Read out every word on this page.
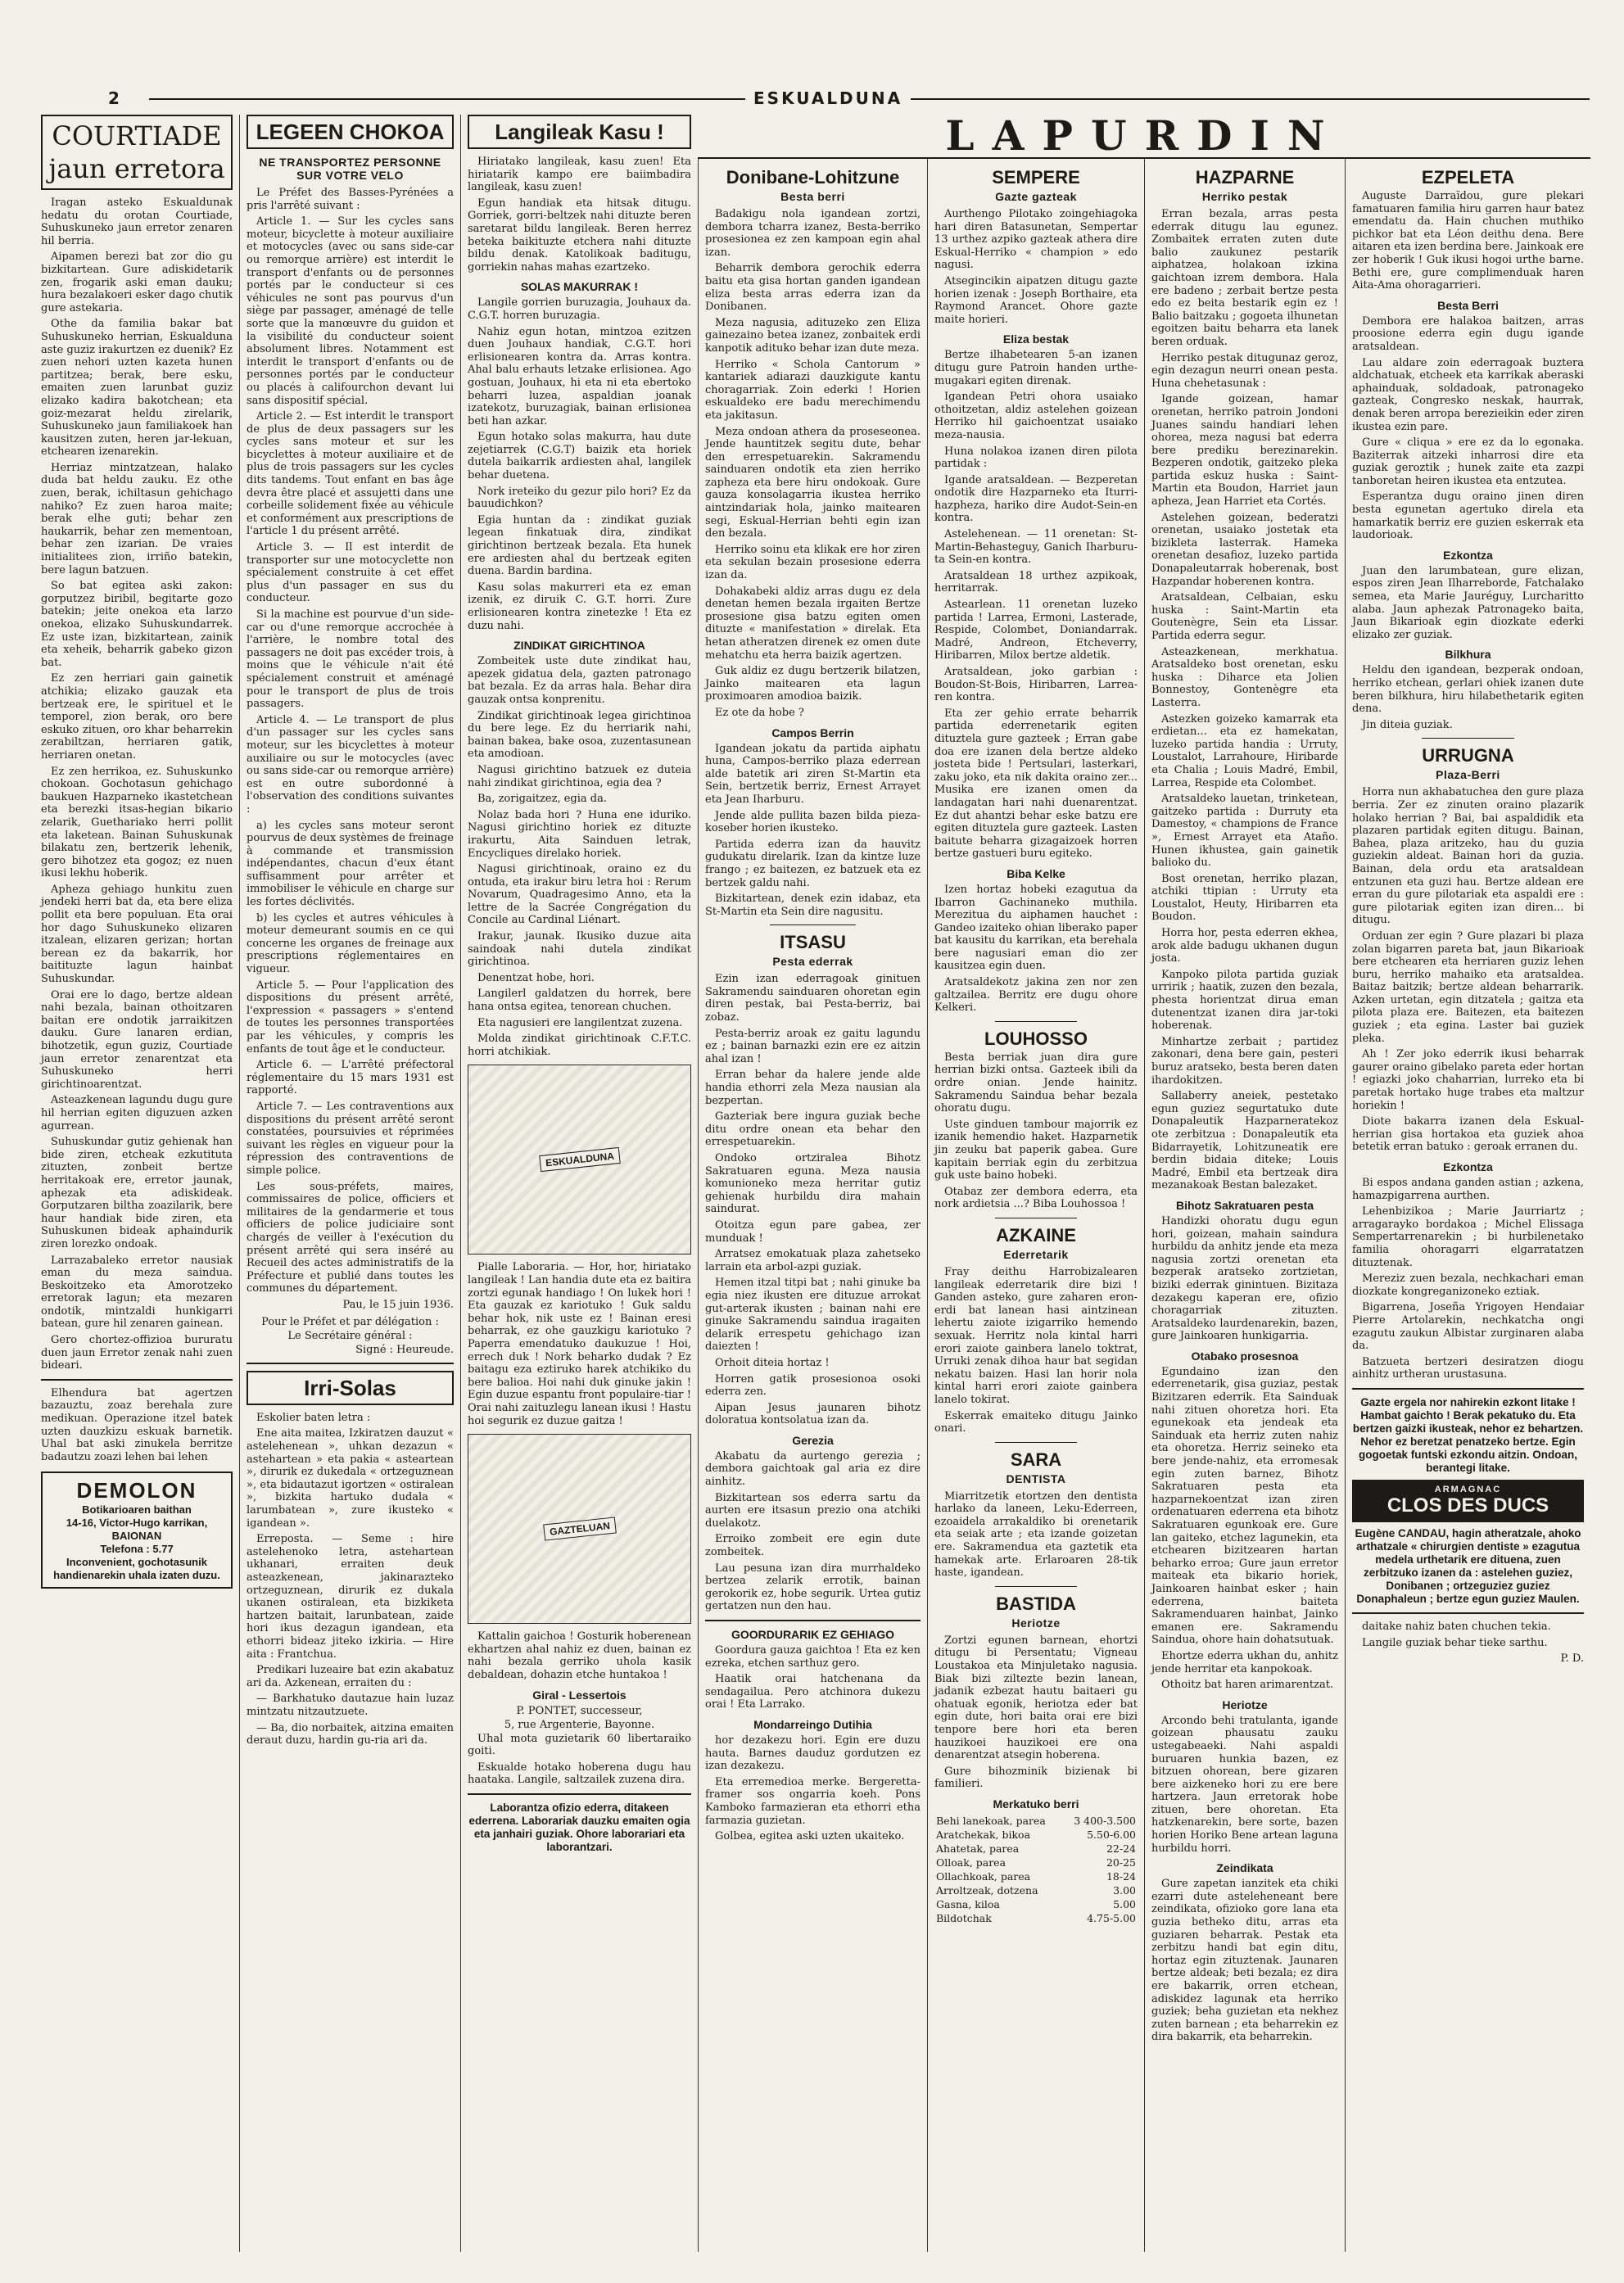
2	ESKUALDUNA
LAPURDIN
COURTIADE
jaun erretora

Iragan asteko Eskualdunak hedatu du orotan Courtiade, Suhuskuneko jaun erretor zenaren hil berria.

Aipamen berezi bat zor dio gu bizkitartean. Gure adiskidetarik zen, frogarik aski eman dauku; hura bezalakoeri esker dago chutik gure astekaria.

Othe da familia bakar bat Suhuskuneko herrian, Eskualduna aste guziz irakurtzen ez duenik? Ez zuen nehori uzten kazeta hunen partitzea; berak, bere esku, emaiten zuen larunbat guziz elizako kadira bakotchean; eta goiz-mezarat heldu zirelarik, Suhuskuneko jaun familiakoek han kausitzen zuten, heren jar-lekuan, etchearen izenarekin.

Herriaz mintzatzean, halako duda bat heldu zauku. Ez othe zuen, berak, ichiltasun gehichago nahiko? Ez zuen haroa maite; berak elhe guti; behar zen haukarrik, behar zen mementoan, behar zen izarian. De vraies initialitees zion, irriño batekin, bere lagun batzuen.

So bat egitea aski zakon: gorputzez biribil, begitarte gozo batekin; jeite onekoa eta larzo onekoa, elizako Suhuskundarrek. Ez uste izan, bizkitartean, zainik eta xeheik, beharrik gabeko gizon bat.

Ez zen herriari gain gainetik atchikia; elizako gauzak eta bertzeak ere, le spirituel et le temporel, zion berak, oro bere eskuko zituen, oro khar beharrekin zerabiltzan, herriaren gatik, herriaren onetan.

Ez zen herrikoa, ez. Suhuskunko chokoan. Gochotasun gehichago baukuen Hazparneko ikastetchean eta berezki itsas-hegian bikario zelarik, Guethariako herri pollit eta laketean. Bainan Suhuskunak bilakatu zen, bertzerik lehenik, gero bihotzez eta gogoz; ez nuen ikusi lekhu hoberik.

Apheza gehiago hunkitu zuen jendeki herri bat da, eta bere eliza pollit eta bere populuan. Eta orai hor dago Suhuskuneko elizaren itzalean, elizaren gerizan; hortan berean ez da bakarrik, hor baitituzte lagun hainbat Suhuskundar.

Orai ere lo dago, bertze aldean nahi bezala, bainan othoitzaren baitan ere ondotik jarraikitzen dauku. Gure lanaren erdian, bihotzetik, egun guziz, Courtiade jaun erretor zenarentzat eta Suhuskuneko herri girichtinoarentzat.

Asteazkenean lagundu dugu gure hil herrian egiten diguzuen azken agurrean.

Suhuskundar gutiz gehienak han bide ziren, etcheak ezkutituta zituzten, zonbeit bertze herritakoak ere, erretor jaunak, aphezak eta adiskideak. Gorputzaren biltha zoazilarik, bere haur handiak bide ziren, eta Suhuskunen bideak aphaindurik ziren lorezko ondoak.

Larrazabaleko erretor nausiak eman du meza saindua. Beskoitzeko eta Amorotzeko erretorak lagun; eta mezaren ondotik, mintzaldi hunkigarri batean, gure hil zenaren gainean.

Gero chortez-offizioa bururatu duen jaun Erretor zenak nahi zuen bideari.

Elhendura bat agertzen bazauztu, zoaz berehala zure medikuan. Operazione itzel batek uzten dauzkizu eskuak barnetik. Uhal bat aski zinukela berritze badautzu zoazi lehen bai lehen

DEMOLON
Botikarioaren baithan
14-16, Victor-Hugo karrikan, BAIONAN
Telefona : 5.77
Inconvenient, gochotasunik handienarekin uhala izaten duzu.
LEGEEN CHOKOA
NE TRANSPORTEZ PERSONNE SUR VOTRE VELO

Le Préfet des Basses-Pyrénées a pris l'arrêté suivant :

Article 1. — Sur les cycles sans moteur, bicyclette à moteur auxiliaire et motocycles (avec ou sans side-car ou remorque arrière) est interdit le transport d'enfants ou de personnes portés par le conducteur si ces véhicules ne sont pas pourvus d'un siège par passager, aménagé de telle sorte que la manœuvre du guidon et la visibilité du conducteur soient absolument libres. Notamment est interdit le transport d'enfants ou de personnes portés par le conducteur ou placés à califourchon devant lui sans dispositif spécial.

Article 2. — Est interdit le transport de plus de deux passagers sur les cycles sans moteur et sur les bicyclettes à moteur auxiliaire et de plus de trois passagers sur les cycles dits tandems. Tout enfant en bas âge devra être placé et assujetti dans une corbeille solidement fixée au véhicule et conformément aux prescriptions de l'article 1 du présent arrêté.

Article 3. — Il est interdit de transporter sur une motocyclette non spécialement construite à cet effet plus d'un passager en sus du conducteur.

Si la machine est pourvue d'un side-car ou d'une remorque accrochée à l'arrière, le nombre total des passagers ne doit pas excéder trois, à moins que le véhicule n'ait été spécialement construit et aménagé pour le transport de plus de trois passagers.

Article 4. — Le transport de plus d'un passager sur les cycles sans moteur, sur les bicyclettes à moteur auxiliaire ou sur le motocycles (avec ou sans side-car ou remorque arrière) est en outre subordonné à l'observation des conditions suivantes :

a) les cycles sans moteur seront pourvus de deux systèmes de freinage à commande et transmission indépendantes, chacun d'eux étant suffisamment pour arrêter et immobiliser le véhicule en charge sur les fortes déclivités.

b) les cycles et autres véhicules à moteur demeurant soumis en ce qui concerne les organes de freinage aux prescriptions réglementaires en vigueur.

Article 5. — Pour l'application des dispositions du présent arrêté, l'expression « passagers » s'entend de toutes les personnes transportées par les véhicules, y compris les enfants de tout âge et le conducteur.

Article 6. — L'arrêté préfectoral réglementaire du 15 mars 1931 est rapporté.

Article 7. — Les contraventions aux dispositions du présent arrêté seront constatées, poursuivies et réprimées suivant les règles en vigueur pour la répression des contraventions de simple police.

Les sous-préfets, maires, commissaires de police, officiers et militaires de la gendarmerie et tous officiers de police judiciaire sont chargés de veiller à l'exécution du présent arrêté qui sera inséré au Recueil des actes administratifs de la Préfecture et publié dans toutes les communes du département.

Pau, le 15 juin 1936.
Pour le Préfet et par délégation :
Le Secrétaire général :
Signé : Heureude.
Irri-Solas

Eskolier baten letra :

Ene aita maitea, Izkiratzen dauzut « astelehenean », uhkan dezazun « astehartean » eta pakia « asteartean », dirurik ez dukedala « ortzeguznean », eta bidautazut igortzen « ostiralean », bizkita hartuko dudala « larumbatean », zure ikusteko « igandean ».

Erreposta. — Seme : hire astelehenoko letra, astehartean ukhanari, erraiten deuk asteazkenean, jakinarazteko ortzeguznean, dirurik ez dukala ukanen ostiralean, eta bizkiketa hartzen baitait, larunbatean, zaide hori ikus dezagun igandean, eta ethorri bideaz jiteko izkiria. — Hire aita : Frantchua.

Predikari luzeaire bat ezin akabatuz ari da. Azkenean, erraiten du :

— Barkhatuko dautazue hain luzaz mintzatu nitzautzuete.

— Ba, dio norbaitek, aitzina emaiten deraut duzu, hardin gu-ria ari da.

Langileak Kasu !

Hiriatako langileak, kasu zuen! Eta hiriatarik kampo ere baiimbadira langileak, kasu zuen!

Egun handiak eta hitsak ditugu. Gorriek, gorri-beltzek nahi dituzte beren saretarat bildu langileak. Beren herrez beteka baikituzte etchera nahi dituzte bildu denak. Katolikoak baditugu, gorriekin nahas mahas ezartzeko.

SOLAS MAKURRAK !

Langile gorrien buruzagia, Jouhaux da. C.G.T. horren buruzagia.

Nahiz egun hotan, mintzoa ezitzen duen Jouhaux handiak, C.G.T. hori erlisionearen kontra da. Arras kontra. Ahal balu erhauts letzake erlisionea. Ago gostuan, Jouhaux, hi eta ni eta ebertoko beharri luzea, aspaldian joanak izatekotz, buruzagiak, bainan erlisionea beti han azkar.

Egun hotako solas makurra, hau dute zejetiarrek (C.G.T) baizik eta horiek dutela baikarrik ardiesten ahal, langilek behar duetena.

Nork ireteiko du gezur pilo hori? Ez da bauudichkon?

Egia huntan da : zindikat guziak legean finkatuak dira, zindikat girichtinon bertzeak bezala. Eta hunek ere ardiesten ahal du bertzeak egiten duena. Bardin bardina.

Kasu solas makurreri eta ez eman izenik, ez diruik C. G.T. horri. Zure erlisionearen kontra zinetezke ! Eta ez duzu nahi.

ZINDIKAT GIRICHTINOA

Zombeitek uste dute zindikat hau, apezek gidatua dela, gazten patronago bat bezala. Ez da arras hala. Behar dira gauzak ontsa konprenitu.

Zindikat girichtinoak legea girichtinoa du bere lege. Ez du herriarik nahi, bainan bakea, bake osoa, zuzentasunean eta amodioan.

Nagusi girichtino batzuek ez duteia nahi zindikat girichtinoa, egia dea ?

Ba, zorigaitzez, egia da.

Nolaz bada hori ? Huna ene iduriko. Nagusi girichtino horiek ez dituzte irakurtu, Aita Sainduen letrak, Encycliques direlako horiek.

Nagusi girichtinoak, oraino ez du ontuda, eta irakur biru letra hoi : Rerum Novarum, Quadragesimo Anno, eta la lettre de la Sacrée Congrégation du Concile au Cardinal Liénart.

Irakur, jaunak. Ikusiko duzue aita saindoak nahi dutela zindikat girichtinoa.

Denentzat hobe, hori.

Langilerl galdatzen du horrek, bere hana ontsa egitea, tenorean chuchen.

Eta nagusieri ere langilentzat zuzena.

Molda zindikat girichtinoak C.F.T.C. horri atchikiak.

ESKUALDUNA

Pialle Laboraria. — Hor, hor, hiriatako langileak ! Lan handia dute eta ez baitira zortzi egunak handiago ! On lukek hori ! Eta gauzak ez kariotuko ! Guk saldu behar hok, nik uste ez ! Bainan eresi beharrak, ez ohe gauzkigu kariotuko ? Paperra emendatuko daukuzue ! Hoi, errech duk ! Nork beharko dudak ? Ez baitagu eza eztiruko harek atchikiko du bere balioa. Hoi nahi duk ginuke jakin ! Egin duzue espantu front populaire-tiar ! Orai nahi zaituzlegu lanean ikusi ! Hastu hoi segurik ez duzue gaitza !

GAZTELUAN

Kattalin gaichoa ! Gosturik hoberenean ekhartzen ahal nahiz ez duen, bainan ez nahi bezala gerriko uhola kasik debaldean, dohazin etche huntakoa !

Giral - Lessertois
P. PONTET, successeur,
5, rue Argenterie, Bayonne.

Uhal mota guzietarik 60 libertaraiko goiti.

Eskualde hotako hoberena dugu hau haataka. Langile, saltzailek zuzena dira.

Laborantza ofizio ederra, ditakeen ederrena. Laborariak dauzku emaiten ogia eta janhairi guziak. Ohore laborariari eta laborantzari.
Donibane-Lohitzune
Besta berri

Badakigu nola igandean zortzi, dembora tcharra izanez, Besta-berriko prosesionea ez zen kampoan egin ahal izan.

Beharrik dembora gerochik ederra baitu eta gisa hortan ganden igandean eliza besta arras ederra izan da Donibanen.

Meza nagusia, adituzeko zen Eliza gainezaino betea izanez, zonbaitek erdi kanpotik adituko behar izan dute meza.

Herriko « Schola Cantorum » kantariek adiarazi dauzkigute kantu choragarriak. Zoin ederki ! Horien eskualdeko ere badu merechimendu eta jakitasun.

Meza ondoan athera da proseseonea. Jende hauntitzek segitu dute, behar den errespetuarekin. Sakramendu sainduaren ondotik eta zien herriko zapheza eta bere hiru ondokoak. Gure gauza konsolagarria ikustea herriko aintzindariak hola, jainko maitearen segi, Eskual-Herrian behti egin izan den bezala.

Herriko soinu eta klikak ere hor ziren eta sekulan bezain prosesione ederra izan da.

Dohakabeki aldiz arras dugu ez dela denetan hemen bezala irgaiten Bertze prosesione gisa batzu egiten omen dituzte « manifestation » direlak. Eta hetan atheratzen direnek ez omen dute mehatchu eta herra baizik agertzen.

Guk aldiz ez dugu bertzerik bilatzen, Jainko maitearen eta lagun proximoaren amodioa baizik.

Ez ote da hobe ?

Campos Berrin

Igandean jokatu da partida aiphatu huna, Campos-berriko plaza ederrean alde batetik ari ziren St-Martin eta Sein, bertzetik berriz, Ernest Arrayet eta Jean Iharburu.

Jende alde pullita bazen bilda pieza-koseber horien ikusteko.

Partida ederra izan da hauvitz gudukatu direlarik. Izan da kintze luze frango ; ez baitezen, ez batzuek eta ez bertzek galdu nahi.

Bizkitartean, denek ezin idabaz, eta St-Martin eta Sein dire nagusitu.

ITSASU
Pesta ederrak

Ezin izan ederragoak ginituen Sakramendu sainduaren ohoretan egin diren pestak, bai Pesta-berriz, bai zobaz.

Pesta-berriz aroak ez gaitu lagundu ez ; bainan barnazki ezin ere ez aitzin ahal izan !

Erran behar da halere jende alde handia ethorri zela Meza nausian ala bezpertan.

Gazteriak bere ingura guziak beche ditu ordre onean eta behar den errespetuarekin.

Ondoko ortziralea Bihotz Sakratuaren eguna. Meza nausia komunioneko meza herritar gutiz gehienak hurbildu dira mahain saindurat.

Otoitza egun pare gabea, zer munduak !

Arratsez emokatuak plaza zahetseko larrain eta arbol-azpi guziak.

Hemen itzal titpi bat ; nahi ginuke ba egia niez ikusten ere dituzue arrokat gut-arterak ikusten ; bainan nahi ere ginuke Sakramendu saindua iragaiten delarik errespetu gehichago izan daiezten !

Orhoit diteia hortaz !

Horren gatik prosesionoa osoki ederra zen.

Aipan Jesus jaunaren bihotz doloratua kontsolatua izan da.

Gerezia

Akabatu da aurtengo gerezia ; dembora gaichtoak gal aria ez dire ainhitz.

Bizkitartean sos ederra sartu da aurten ere itsasun prezio ona atchiki duelakotz.

Erroiko zombeit ere egin dute zombeitek.

Lau pesuna izan dira murrhaldeko bertzea zelarik errotik, bainan gerokorik ez, hobe segurik. Urtea gutiz gertatzen nun den hau.

GOORDURARIK EZ GEHIAGO

Goordura gauza gaichtoa ! Eta ez ken ezreka, etchen sarthuz gero.

Haatik orai hatchenana da sendagailua. Pero atchinora dukezu orai ! Eta Larrako.

Mondarreingo Dutihia

hor dezakezu hori. Egin ere duzu hauta. Barnes dauduz gordutzen ez izan dezakezu.

Eta erremedioa merke. Bergeretta-framer sos ongarria koeh. Pons Kamboko farmazieran eta ethorri etha farmazia guzietan.

Golbea, egitea aski uzten ukaiteko.

SEMPERE
Gazte gazteak

Aurthengo Pilotako zoingehiagoka hari diren Batasunetan, Sempertar 13 urthez azpiko gazteak athera dire Eskual-Herriko « champion » edo nagusi.

Atsegincikin aipatzen ditugu gazte horien izenak : Joseph Borthaire, eta Raymond Arancet. Ohore gazte maite horieri.

Eliza bestak

Bertze ilhabetearen 5-an izanen ditugu gure Patroin handen urthe-mugakari egiten direnak.

Igandean Petri ohora usaiako othoitzetan, aldiz astelehen goizean Herriko hil gaichoentzat usaiako meza-nausia.

Huna nolakoa izanen diren pilota partidak :

Igande aratsaldean. — Bezperetan ondotik dire Hazparneko eta Iturri-hazpheza, hariko dire Audot-Sein-en kontra.

Astelehenean. — 11 orenetan: St-Martin-Behasteguy, Ganich Iharburu-ta Sein-en kontra.

Aratsaldean 18 urthez azpikoak, herritarrak.

Astearlean. 11 orenetan luzeko partida ! Larrea, Ermoni, Lasterade, Respide, Colombet, Doniandarrak. Madré, Andreon, Etcheverry, Hiribarren, Milox bertze aldetik.

Aratsaldean, joko garbian : Boudon-St-Bois, Hiribarren, Larrea-ren kontra.

Eta zer gehio errate beharrik partida ederrenetarik egiten dituztela gure gazteek ; Erran gabe doa ere izanen dela bertze aldeko josteta bide ! Pertsulari, lasterkari, zaku joko, eta nik dakita oraino zer... Musika ere izanen omen da landagatan hari nahi duenarentzat. Ez dut ahantzi behar eske batzu ere egiten dituztela gure gazteek. Lasten baitute beharra gizagaizoek horren bertze gastueri buru egiteko.

Biba Kelke

Izen hortaz hobeki ezagutua da Ibarron Gachinaneko muthila. Merezitua du aiphamen hauchet : Gandeo izaiteko ohian liberako paper bat kausitu du karrikan, eta berehala bere nagusiari eman dio zer kausitzea egin duen.

Aratsaldekotz jakina zen nor zen galtzailea. Berritz ere dugu ohore Kelkeri.

LOUHOSSO

Besta berriak juan dira gure herrian bizki ontsa. Gazteek ibili da ordre onian. Jende hainitz. Sakramendu Saindua behar bezala ohoratu dugu.

Uste ginduen tambour majorrik ez izanik hemendio haket. Hazparnetik jin zeuku bat paperik gabea. Gure kapitain berriak egin du zerbitzua guk uste baino hobeki.

Otabaz zer dembora ederra, eta nork ardietsia ...? Biba Louhossoa !

AZKAINE
Ederretarik

Fray deithu Harrobizalearen langileak ederretarik dire bizi ! Ganden asteko, gure zaharen eron-erdi bat lanean hasi aintzinean lehertu zaiote izigarriko hemendo sexuak. Herritz nola kintal harri erori zaiote gainbera lanelo toktrat, Urruki zenak dihoa haur bat segidan nekatu baizen. Hasi lan horir nola kintal harri erori zaiote gainbera lanelo tokirat.

Eskerrak emaiteko ditugu Jainko onari.

SARA
DENTISTA

Miarritzetik etortzen den dentista harlako da laneen, Leku-Ederreen, ezoaidela arrakaldiko bi orenetarik eta seiak arte ; eta izande goizetan ere. Sakramendua eta gaztetik eta hamekak arte. Erlaroaren 28-tik haste, igandean.

BASTIDA
Heriotze

Zortzi egunen barnean, ehortzi ditugu bi Persentatu; Vigneau Loustakoa eta Minjuletako nagusia. Biak bizi ziltezte bezin lanean, jadanik ezbezat hautu baitaeri gu ohatuak egonik, heriotza eder bat egin dute, hori baita orai ere bizi tenpore bere hori eta beren hauzikoei hauzikoei ere ona denarentzat atsegin hoberena.

Gure bihozminik bizienak bi familieri.

Merkatuko berri
Behi lanekoak, parea	3 400-3.500
Aratchekak, bikoa	5.50-6.00
Ahatetak, parea	22-24
Olloak, parea	20-25
Ollachkoak, parea	18-24
Arroltzeak, dotzena	3.00
Gasna, kiloa	5.00
Bildotchak	4.75-5.00
HAZPARNE
Herriko pestak

Erran bezala, arras pesta ederrak ditugu lau egunez. Zombaitek erraten zuten dute balio zaukunez pestarik aiphatzea, holakoan izkina gaichtoan izrem dembora. Hala ere badeno ; zerbait bertze pesta edo ez beita bestarik egin ez ! Balio baitzaku ; gogoeta ilhunetan egoitzen baitu beharra eta lanek beren orduak.

Herriko pestak ditugunaz geroz, egin dezagun neurri onean pesta. Huna chehetasunak :

Igande goizean, hamar orenetan, herriko patroin Jondoni Juanes saindu handiari lehen ohorea, meza nagusi bat ederra bere prediku berezinarekin. Bezperen ondotik, gaitzeko pleka partida eskuz huska : Saint-Martin eta Boudon, Harriet jaun apheza, Jean Harriet eta Cortés.

Astelehen goizean, bederatzi orenetan, usaiako jostetak eta bizikleta lasterrak. Hameka orenetan desafioz, luzeko partida Donapaleutarrak hoberenak, bost Hazpandar hoberenen kontra.

Aratsaldean, Celbaian, esku huska : Saint-Martin eta Goutenègre, Sein eta Lissar. Partida ederra segur.

Asteazkenean, merkhatua. Aratsaldeko bost orenetan, esku huska : Diharce eta Jolien Bonnestoy, Gontenègre eta Lasterra.

Astezken goizeko kamarrak eta erdietan... eta ez hamekatan, luzeko partida handia : Urruty, Loustalot, Larrahoure, Hiribarde eta Chalia ; Louis Madré, Embil, Larrea, Respide eta Colombet.

Aratsaldeko lauetan, trinketean, gaitzeko partida : Durruty eta Damestoy, « champions de France », Ernest Arrayet eta Ataño. Hunen ikhustea, gain gainetik balioko du.

Bost orenetan, herriko plazan, atchiki ttipian : Urruty eta Loustalot, Heuty, Hiribarren eta Boudon.

Horra hor, pesta ederren ekhea, arok alde badugu ukhanen dugun josta.

Kanpoko pilota partida guziak urririk ; haatik, zuzen den bezala, phesta horientzat dirua eman dutenentzat izanen dira jar-toki hoberenak.

Minhartze zerbait ; partidez zakonari, dena bere gain, pesteri buruz aratseko, besta beren daten ihardokitzen.

Sallaberry aneiek, pestetako egun guziez segurtatuko dute Donapaleutik Hazparneratekoz ote zerbitzua : Donapaleutik eta Bidarrayetik, Lohitzuneatik ere berdin bidaia diteke; Louis Madré, Embil eta bertzeak dira mezanakoak Bestan balezaket.

Bihotz Sakratuaren pesta

Handizki ohoratu dugu egun hori, goizean, mahain saindura hurbildu da anhitz jende eta meza nagusia zortzi orenetan eta bezperak aratseko zortzietan, biziki ederrak ginintuen. Bizitaza dezakegu kaperan ere, ofizio choragarriak zituzten. Aratsaldeko laurdenarekin, bazen, gure Jainkoaren hunkigarria.

Otabako prosesnoa

Egundaino izan den ederrenetarik, gisa guziaz, pestak Bizitzaren ederrik. Eta Sainduak nahi zituen ohoretza hori. Eta egunekoak eta jendeak eta Sainduak eta herriz zuten nahiz eta ohoretza. Herriz seineko eta bere jende-nahiz, eta erromesak egin zuten barnez, Bihotz Sakratuaren pesta eta hazparnekoentzat izan ziren ordenatuaren ederrena eta bihotz Sakratuaren egunkoak ere. Gure lan gaiteko, etchez lagunekin, eta etchearen bizitzearen hartan beharko erroa; Gure jaun erretor maiteak eta bikario horiek, Jainkoaren hainbat esker ; hain ederrena, baiteta Sakramenduaren hainbat, Jainko emanen ere. Sakramendu Saindua, ohore hain dohatsutuak.

Ehortze ederra ukhan du, anhitz jende herritar eta kanpokoak.

Othoitz bat haren arimarentzat.

Heriotze

Arcondo behi tratulanta, igande goizean phausatu zauku ustegabeaeki. Nahi aspaldi buruaren hunkia bazen, ez bitzuen ohorean, bere gizaren bere aizkeneko hori zu ere bere hartzera. Jaun erretorak hobe zituen, bere ohoretan. Eta hatzkenarekin, bere sorte, bazen horien Horiko Bene artean laguna hurbildu horri.

Zeindikata

Gure zapetan ianzitek eta chiki ezarri dute asteleheneant bere zeindikata, ofizioko gore lana eta guzia betheko ditu, arras eta guziaren beharrak. Pestak eta zerbitzu handi bat egin ditu, hortaz egin zituztenak. Jaunaren bertze aldeak; beti bezala; ez dira ere bakarrik, orren etchean, adiskidez lagunak eta herriko guziek; beha guzietan eta nekhez zuten barnean ; eta beharrekin ez dira bakarrik, eta beharrekin.

EZPELETA

Auguste Darraïdou, gure plekari famatuaren familia hiru garren haur batez emendatu da. Hain chuchen muthiko pichkor bat eta Léon deithu dena. Bere aitaren eta izen berdina bere. Jainkoak ere zer hoberik ! Guk ikusi hogoi urthe barne. Bethi ere, gure complimenduak haren Aita-Ama ohoragarrieri.

Besta Berri

Dembora ere halakoa baitzen, arras proosione ederra egin dugu igande aratsaldean.

Lau aldare zoin ederragoak buztera aldchatuak, etcheek eta karrikak aberaski aphainduak, soldadoak, patronageko gazteak, Congresko neskak, haurrak, denak beren arropa berezieikin eder ziren ikustea ezin pare.

Gure « cliqua » ere ez da lo egonaka. Baziterrak aitzeki inharrosi dire eta guziak geroztik ; hunek zaite eta zazpi tanboretan heiren ikustea eta entzutea.

Esperantza dugu oraino jinen diren besta egunetan agertuko direla eta hamarkatik berriz ere guzien eskerrak eta laudorioak.

Ezkontza

Juan den larumbatean, gure elizan, espos ziren Jean Ilharreborde, Fatchalako semea, eta Marie Jauréguy, Lurcharitto alaba. Jaun aphezak Patronageko baita, Jaun Bikarioak egin diozkate ederki elizako zer guziak.

Bilkhura

Heldu den igandean, bezperak ondoan, herriko etchean, gerlari ohiek izanen dute beren bilkhura, hiru hilabethetarik egiten dena.

Jin diteia guziak.

URRUGNA
Plaza-Berri

Horra nun akhabatuchea den gure plaza berria. Zer ez zinuten oraino plazarik holako herrian ? Bai, bai aspaldidik eta plazaren partidak egiten ditugu. Bainan, Bahea, plaza aritzeko, hau du guzia guziekin aldeat. Bainan hori da guzia. Bainan, dela ordu eta aratsaldean entzunen eta guzi hau. Bertze aldean ere erran du gure pilotariak eta aspaldi ere : gure pilotariak egiten izan diren... bi ditugu.

Orduan zer egin ? Gure plazari bi plaza zolan bigarren pareta bat, jaun Bikarioak bere etchearen eta herriaren guziz lehen buru, herriko mahaiko eta aratsaldea. Baitaz baitzik; bertze aldean beharrarik. Azken urtetan, egin ditzatela ; gaitza eta pilota plaza ere. Baitezen, eta baitezen guziek ; eta egina. Laster bai guziek pleka.

Ah ! Zer joko ederrik ikusi beharrak gaurer oraino gibelako pareta eder hortan ! egiazki joko chaharrian, lurreko eta bi paretak hortako huge trabes eta maltzur horiekin !

Diote bakarra izanen dela Eskual-herrian gisa hortakoa eta guziek ahoa betetik erran batuko : geroak erranen du.

Ezkontza

Bi espos andana ganden astian ; azkena, hamazpigarrena aurthen.

Lehenbizikoa ; Marie Jaurriartz ; arragarayko bordakoa ; Michel Elissaga Sempertarrenarekin ; bi hurbilenetako familia ohoragarri elgarratatzen dituztenak.

Mereziz zuen bezala, nechkachari eman diozkate kongreganizoneko eztiak.

Bigarrena, Joseña Yrigoyen Hendaiar Pierre Artolarekin, nechkatcha ongi ezagutu zaukun Albistar zurginaren alaba da.

Batzueta bertzeri desiratzen diogu ainhitz urtheran urustasuna.

Gazte ergela nor nahirekin ezkont litake ! Hambat gaichto ! Berak pekatuko du. Eta bertzen gaizki ikusteak, nehor ez behartzen. Nehor ez beretzat penatzeko bertze. Egin gogoetak funtski ezkondu aitzin. Ondoan, berantegi litake.
ARMAGNAC
CLOS DES DUCS
Eugène CANDAU, hagin atheratzale, ahoko arthatzale « chirurgien dentiste » ezagutua medela urthetarik ere dituena, zuen zerbitzuko izanen da : astelehen guziez, Donibanen ; ortzeguziez guziez Donaphaleun ; bertze egun guziez Maulen.

daitake nahiz baten chuchen tekia.

Langile guziak behar tieke sarthu.

P. D.
